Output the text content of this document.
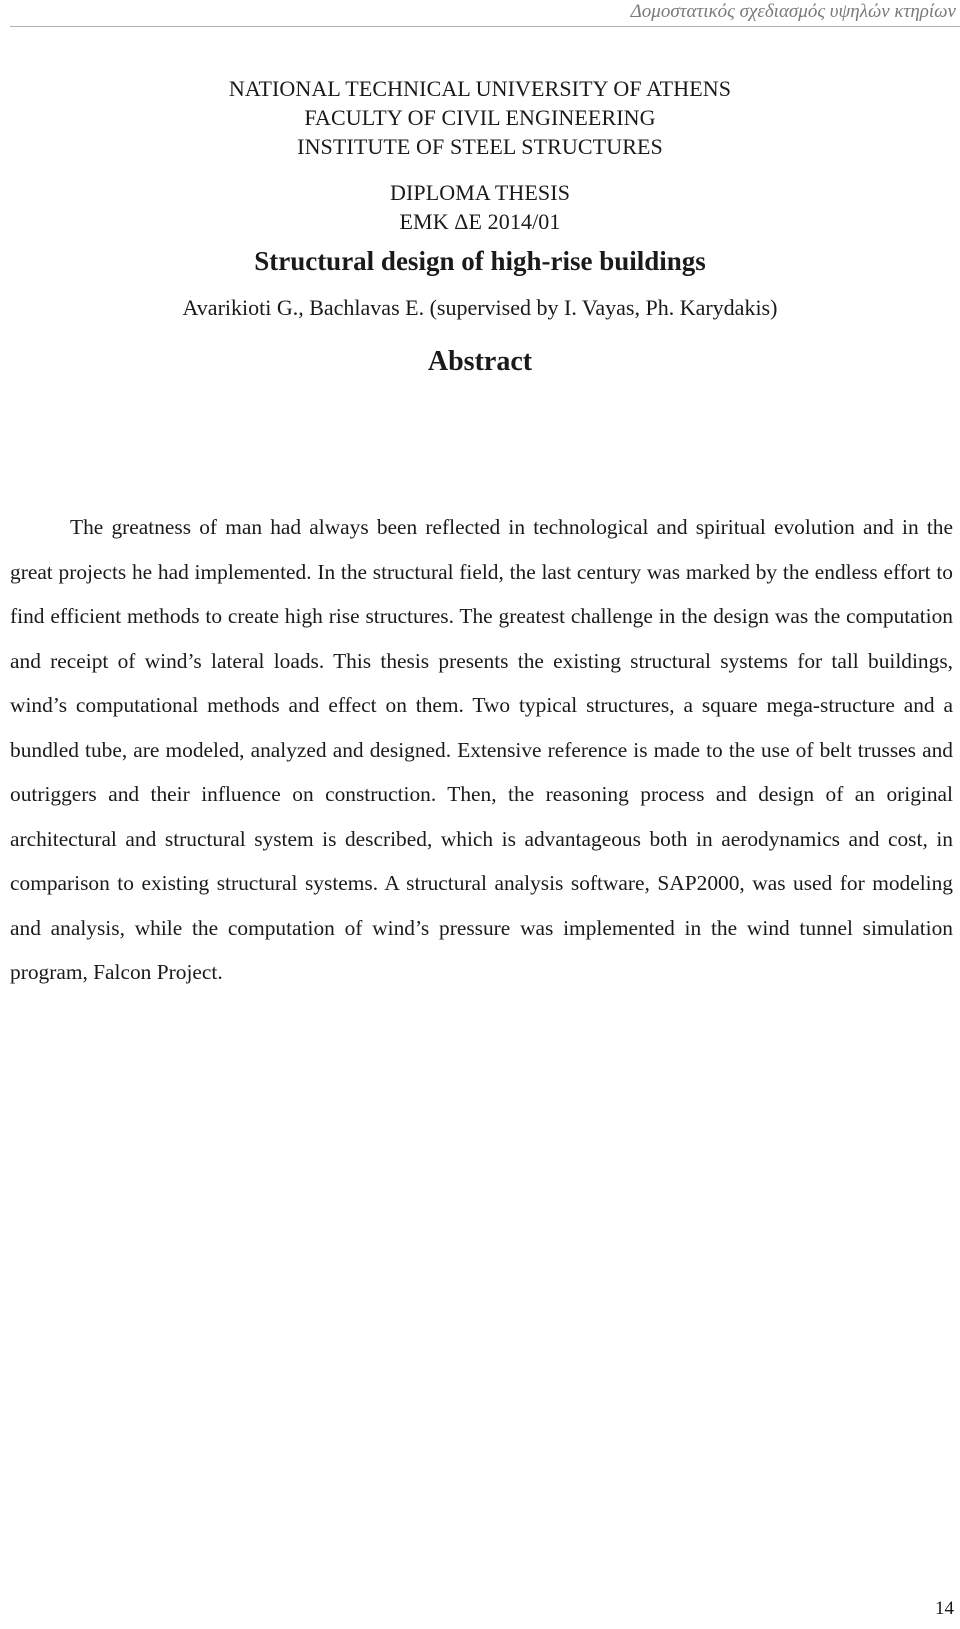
Δομοστατικός σχεδιασμός υψηλών κτηρίων
NATIONAL TECHNICAL UNIVERSITY OF ATHENS
FACULTY OF CIVIL ENGINEERING
INSTITUTE OF STEEL STRUCTURES
DIPLOMA THESIS
EMK ΔE 2014/01
Structural design of high-rise buildings
Avarikioti G., Bachlavas E. (supervised by I. Vayas, Ph. Karydakis)
Abstract

The greatness of man had always been reflected in technological and spiritual evolution and in the great projects he had implemented. In the structural field, the last century was marked by the endless effort to find efficient methods to create high rise structures. The greatest challenge in the design was the computation and receipt of wind’s lateral loads. This thesis presents the existing structural systems for tall buildings, wind’s computational methods and effect on them. Two typical structures, a square mega-structure and a bundled tube, are modeled, analyzed and designed. Extensive reference is made to the use of belt trusses and outriggers and their influence on construction. Then, the reasoning process and design of an original architectural and structural system is described, which is advantageous both in aerodynamics and cost, in comparison to existing structural systems. A structural analysis software, SAP2000, was used for modeling and analysis, while the computation of wind’s pressure was implemented in the wind tunnel simulation program, Falcon Project.

14
